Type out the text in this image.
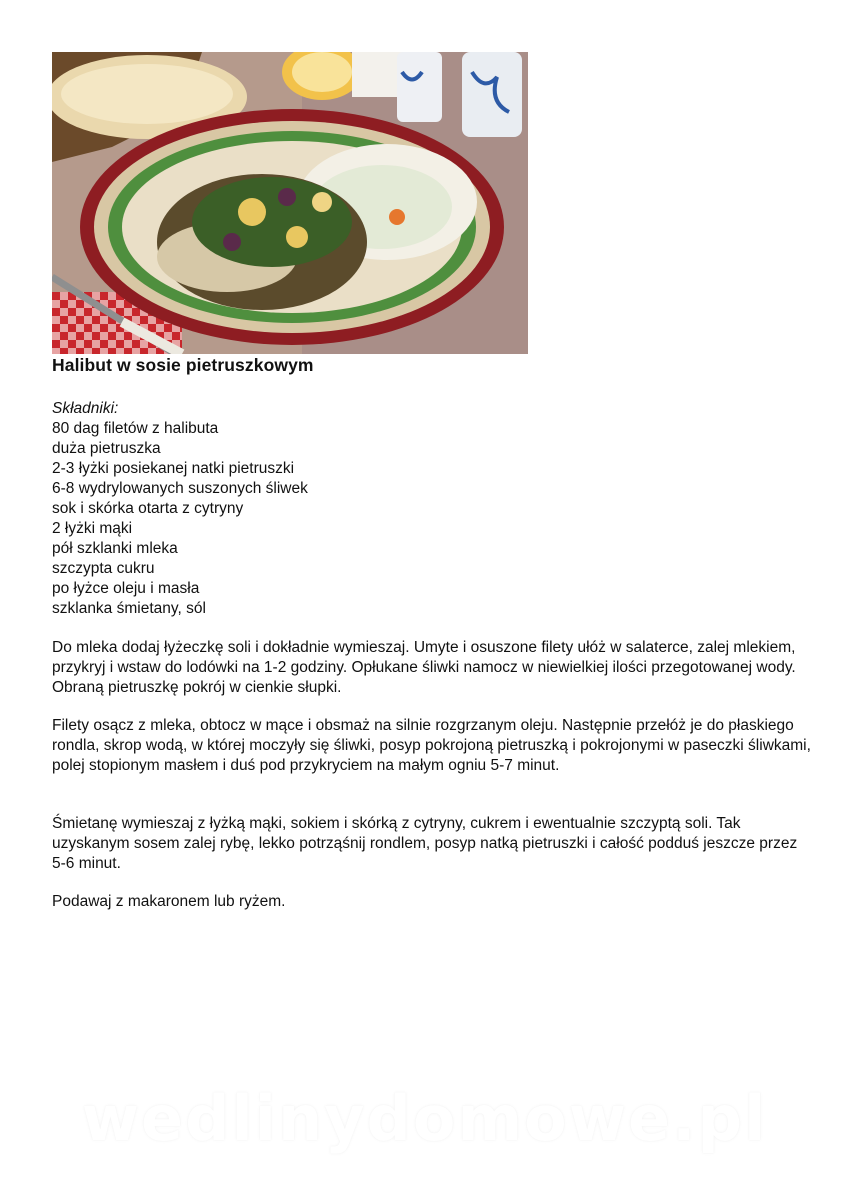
Halibut w sosie pietruszkowym
Składniki:
80 dag filetów z halibuta
duża pietruszka
2-3 łyżki posiekanej natki pietruszki
6-8 wydrylowanych suszonych śliwek
sok i skórka otarta z cytryny
2 łyżki mąki
pół szklanki mleka
szczypta cukru
po łyżce oleju i masła
szklanka śmietany, sól

Do mleka dodaj łyżeczkę soli i dokładnie wymieszaj. Umyte i osuszone filety ułóż w salaterce, zalej mlekiem, przykryj i wstaw do lodówki na 1-2 godziny. Opłukane śliwki namocz w niewielkiej ilości przegotowanej wody. Obraną pietruszkę pokrój w cienkie słupki.

Filety osącz z mleka, obtocz w mące i obsmaż na silnie rozgrzanym oleju. Następnie przełóż je do płaskiego rondla, skrop wodą, w której moczyły się śliwki, posyp pokrojoną pietruszką i pokrojonymi w paseczki śliwkami, polej stopionym masłem i duś pod przykryciem na małym ogniu 5-7 minut.

Śmietanę wymieszaj z łyżką mąki, sokiem i skórką z cytryny, cukrem i ewentualnie szczyptą soli. Tak uzyskanym sosem zalej rybę, lekko potrząśnij rondlem, posyp natką pietruszki i całość podduś jeszcze przez 5-6 minut.

Podawaj z makaronem lub ryżem.

wedlinydomowe.pl
